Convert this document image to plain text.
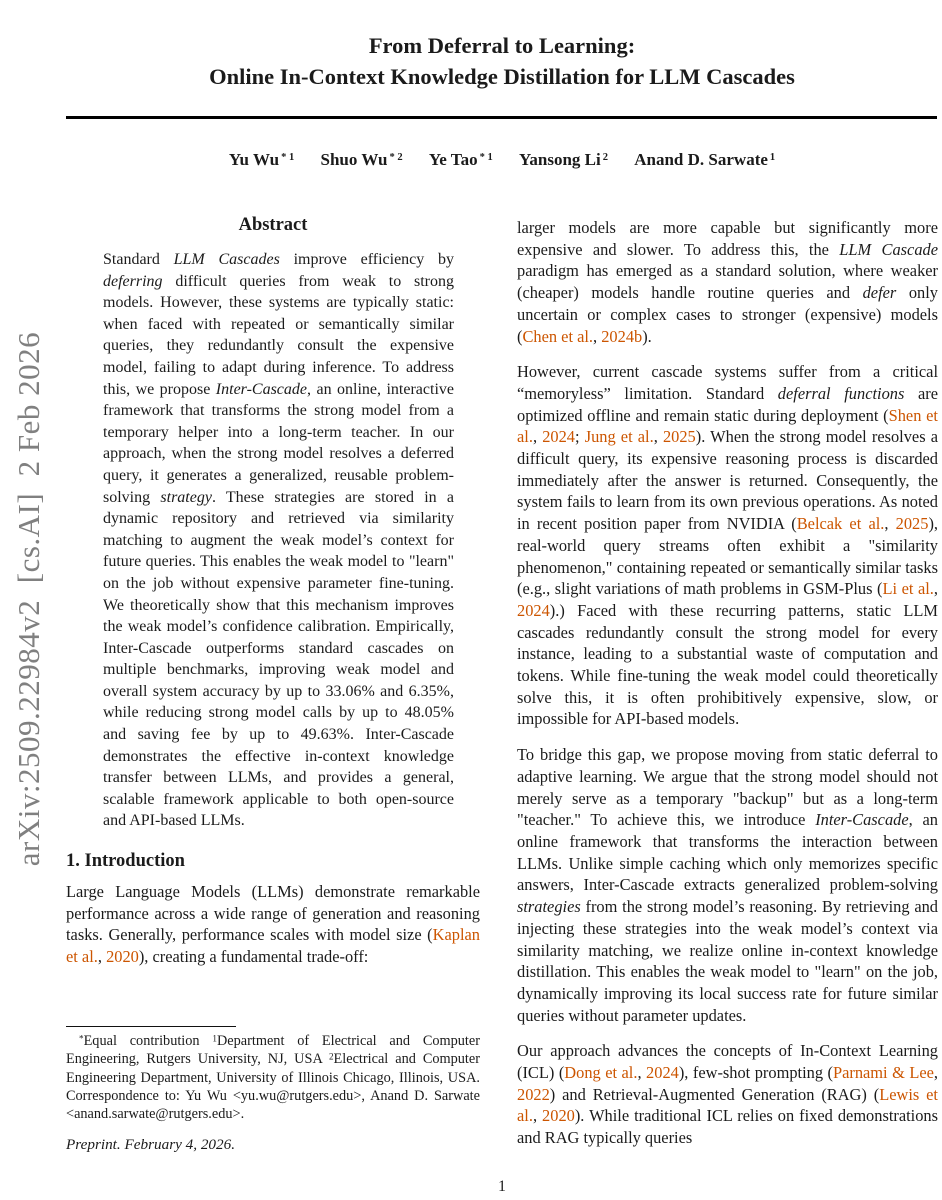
arXiv:2509.22984v2  [cs.AI]  2 Feb 2026
From Deferral to Learning:
Online In-Context Knowledge Distillation for LLM Cascades
Yu Wu $^{* 1}$ Shuo Wu $^{* 2}$ Ye Tao $^{* 1}$ Yansong Li $^2$ Anand D. Sarwate $^1$
Abstract
Standard LLM Cascades improve efficiency by deferring difficult queries from weak to strong models. However, these systems are typically static: when faced with repeated or semantically similar queries, they redundantly consult the expensive model, failing to adapt during inference. To address this, we propose Inter-Cascade, an online, interactive framework that transforms the strong model from a temporary helper into a long-term teacher. In our approach, when the strong model resolves a deferred query, it generates a generalized, reusable problem-solving strategy. These strategies are stored in a dynamic repository and retrieved via similarity matching to augment the weak model’s context for future queries. This enables the weak model to "learn" on the job without expensive parameter fine-tuning. We theoretically show that this mechanism improves the weak model’s confidence calibration. Empirically, Inter-Cascade outperforms standard cascades on multiple benchmarks, improving weak model and overall system accuracy by up to 33.06% and 6.35%, while reducing strong model calls by up to 48.05% and saving fee by up to 49.63%. Inter-Cascade demonstrates the effective in-context knowledge transfer between LLMs, and provides a general, scalable framework applicable to both open-source and API-based LLMs.
1. Introduction

Large Language Models (LLMs) demonstrate remarkable performance across a wide range of generation and reasoning tasks. Generally, performance scales with model size (Kaplan et al., 2020), creating a fundamental trade-off:

larger models are more capable but significantly more expensive and slower. To address this, the LLM Cascade paradigm has emerged as a standard solution, where weaker (cheaper) models handle routine queries and defer only uncertain or complex cases to stronger (expensive) models (Chen et al., 2024b).

However, current cascade systems suffer from a critical “memoryless” limitation. Standard deferral functions are optimized offline and remain static during deployment (Shen et al., 2024; Jung et al., 2025). When the strong model resolves a difficult query, its expensive reasoning process is discarded immediately after the answer is returned. Consequently, the system fails to learn from its own previous operations. As noted in recent position paper from NVIDIA (Belcak et al., 2025), real-world query streams often exhibit a "similarity phenomenon," containing repeated or semantically similar tasks (e.g., slight variations of math problems in GSM-Plus (Li et al., 2024).) Faced with these recurring patterns, static LLM cascades redundantly consult the strong model for every instance, leading to a substantial waste of computation and tokens. While fine-tuning the weak model could theoretically solve this, it is often prohibitively expensive, slow, or impossible for API-based models.

To bridge this gap, we propose moving from static deferral to adaptive learning. We argue that the strong model should not merely serve as a temporary "backup" but as a long-term "teacher." To achieve this, we introduce Inter-Cascade, an online framework that transforms the interaction between LLMs. Unlike simple caching which only memorizes specific answers, Inter-Cascade extracts generalized problem-solving strategies from the strong model’s reasoning. By retrieving and injecting these strategies into the weak model’s context via similarity matching, we realize online in-context knowledge distillation. This enables the weak model to "learn" on the job, dynamically improving its local success rate for future similar queries without parameter updates.

Our approach advances the concepts of In-Context Learning (ICL) (Dong et al., 2024), few-shot prompting (Parnami & Lee, 2022) and Retrieval-Augmented Generation (RAG) (Lewis et al., 2020). While traditional ICL relies on fixed demonstrations and RAG typically queries

*Equal contribution $^1$Department of Electrical and Computer Engineering, Rutgers University, NJ, USA $^2$Electrical and Computer Engineering Department, University of Illinois Chicago, Illinois, USA. Correspondence to: Yu Wu <yu.wu@rutgers.edu>, Anand D. Sarwate <anand.sarwate@rutgers.edu>.
Preprint. February 4, 2026.
1
